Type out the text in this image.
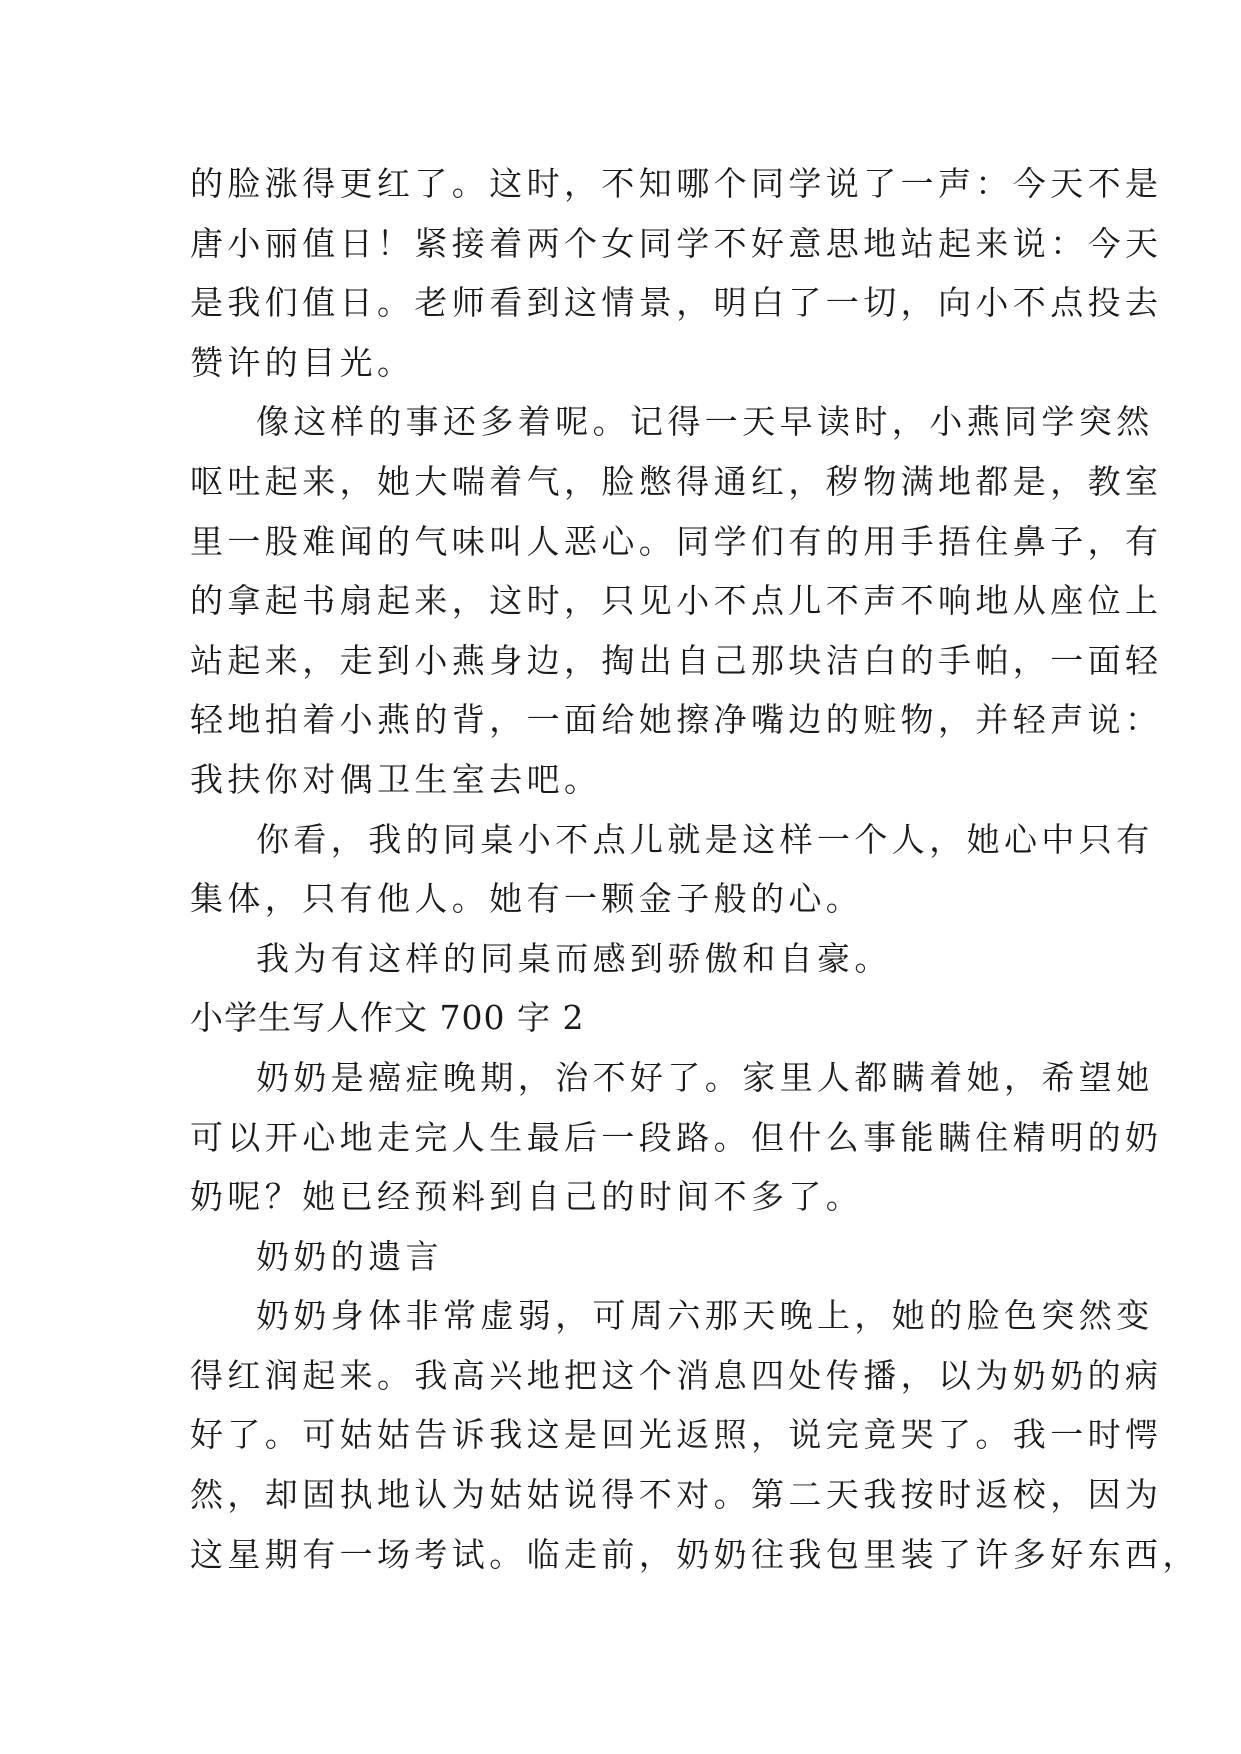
的脸涨得更红了。这时，不知哪个同学说了一声：今天不是
唐小丽值日！紧接着两个女同学不好意思地站起来说：今天
是我们值日。老师看到这情景，明白了一切，向小不点投去
赞许的目光。
像这样的事还多着呢。记得一天早读时，小燕同学突然
呕吐起来，她大喘着气，脸憋得通红，秽物满地都是，教室
里一股难闻的气味叫人恶心。同学们有的用手捂住鼻子，有
的拿起书扇起来，这时，只见小不点儿不声不响地从座位上
站起来，走到小燕身边，掏出自己那块洁白的手帕，一面轻
轻地拍着小燕的背，一面给她擦净嘴边的赃物，并轻声说：
我扶你对偶卫生室去吧。
你看，我的同桌小不点儿就是这样一个人，她心中只有
集体，只有他人。她有一颗金子般的心。
我为有这样的同桌而感到骄傲和自豪。
小学生写人作文 700 字 2
奶奶是癌症晚期，治不好了。家里人都瞒着她，希望她
可以开心地走完人生最后一段路。但什么事能瞒住精明的奶
奶呢？她已经预料到自己的时间不多了。
奶奶的遗言
奶奶身体非常虚弱，可周六那天晚上，她的脸色突然变
得红润起来。我高兴地把这个消息四处传播，以为奶奶的病
好了。可姑姑告诉我这是回光返照，说完竟哭了。我一时愕
然，却固执地认为姑姑说得不对。第二天我按时返校，因为
这星期有一场考试。临走前，奶奶往我包里装了许多好东西，
